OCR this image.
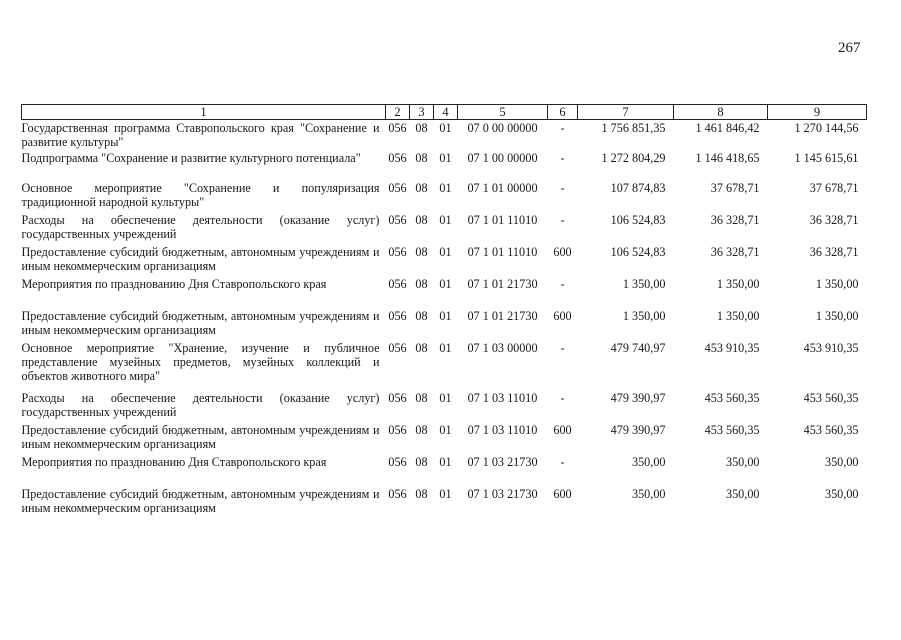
267
1	2	3	4	5	6	7	8	9
Государственная программа Ставропольского края "Сохранение и развитие культуры"	056	08	01	07 0 00 00000	-	1 756 851,35	1 461 846,42	1 270 144,56
Подпрограмма "Сохранение и развитие культурного потенциала"	056	08	01	07 1 00 00000	-	1 272 804,29	1 146 418,65	1 145 615,61
Основное мероприятие "Сохранение и популяризация традиционной народной культуры"	056	08	01	07 1 01 00000	-	107 874,83	37 678,71	37 678,71
Расходы на обеспечение деятельности (оказание услуг) государственных учреждений	056	08	01	07 1 01 11010	-	106 524,83	36 328,71	36 328,71
Предоставление субсидий бюджетным, автономным учреждениям и иным некоммерческим организациям	056	08	01	07 1 01 11010	600	106 524,83	36 328,71	36 328,71
Мероприятия по празднованию Дня Ставропольского края	056	08	01	07 1 01 21730	-	1 350,00	1 350,00	1 350,00
Предоставление субсидий бюджетным, автономным учреждениям и иным некоммерческим организациям	056	08	01	07 1 01 21730	600	1 350,00	1 350,00	1 350,00
Основное мероприятие "Хранение, изучение и публичное представление музейных предметов, музейных коллекций и объектов животного мира"	056	08	01	07 1 03 00000	-	479 740,97	453 910,35	453 910,35
Расходы на обеспечение деятельности (оказание услуг) государственных учреждений	056	08	01	07 1 03 11010	-	479 390,97	453 560,35	453 560,35
Предоставление субсидий бюджетным, автономным учреждениям и иным некоммерческим организациям	056	08	01	07 1 03 11010	600	479 390,97	453 560,35	453 560,35
Мероприятия по празднованию Дня Ставропольского края	056	08	01	07 1 03 21730	-	350,00	350,00	350,00
Предоставление субсидий бюджетным, автономным учреждениям и иным некоммерческим организациям	056	08	01	07 1 03 21730	600	350,00	350,00	350,00
